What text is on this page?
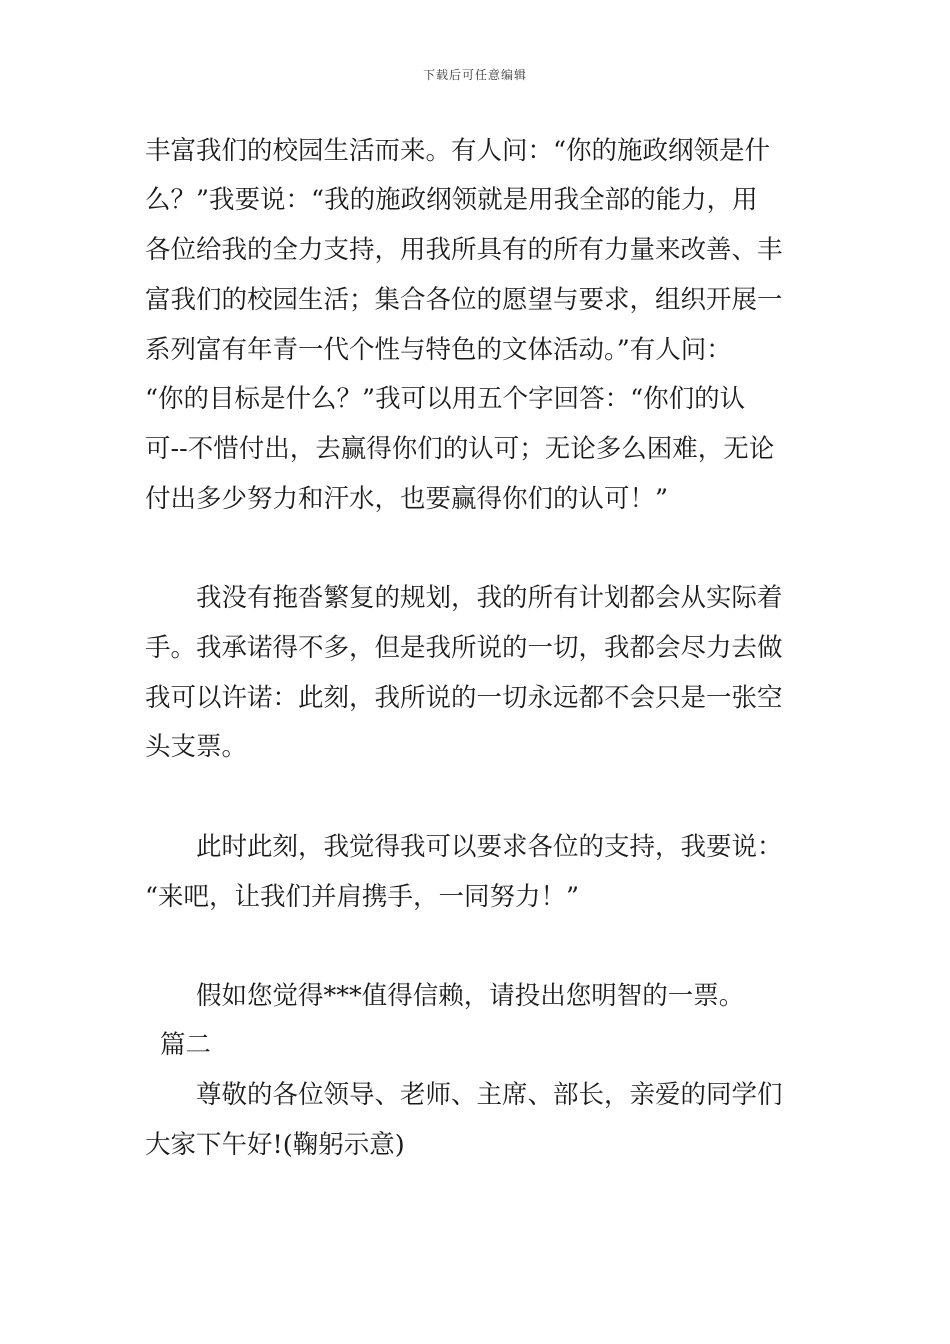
下载后可任意编辑
丰富我们的校园生活而来。有人问：“你的施政纲领是什
么？”我要说：“我的施政纲领就是用我全部的能力，用
各位给我的全力支持，用我所具有的所有力量来改善、丰
富我们的校园生活；集合各位的愿望与要求，组织开展一
系列富有年青一代个性与特色的文体活动。”有人问：
“你的目标是什么？”我可以用五个字回答：“你们的认
可--不惜付出，去赢得你们的认可；无论多么困难，无论
付出多少努力和汗水，也要赢得你们的认可！”
我没有拖沓繁复的规划，我的所有计划都会从实际着
手。我承诺得不多，但是我所说的一切，我都会尽力去做
我可以许诺：此刻，我所说的一切永远都不会只是一张空
头支票。
此时此刻，我觉得我可以要求各位的支持，我要说：
“来吧，让我们并肩携手，一同努力！”
假如您觉得***值得信赖，请投出您明智的一票。
篇二
尊敬的各位领导、老师、主席、部长，亲爱的同学们
大家下午好!(鞠躬示意)
